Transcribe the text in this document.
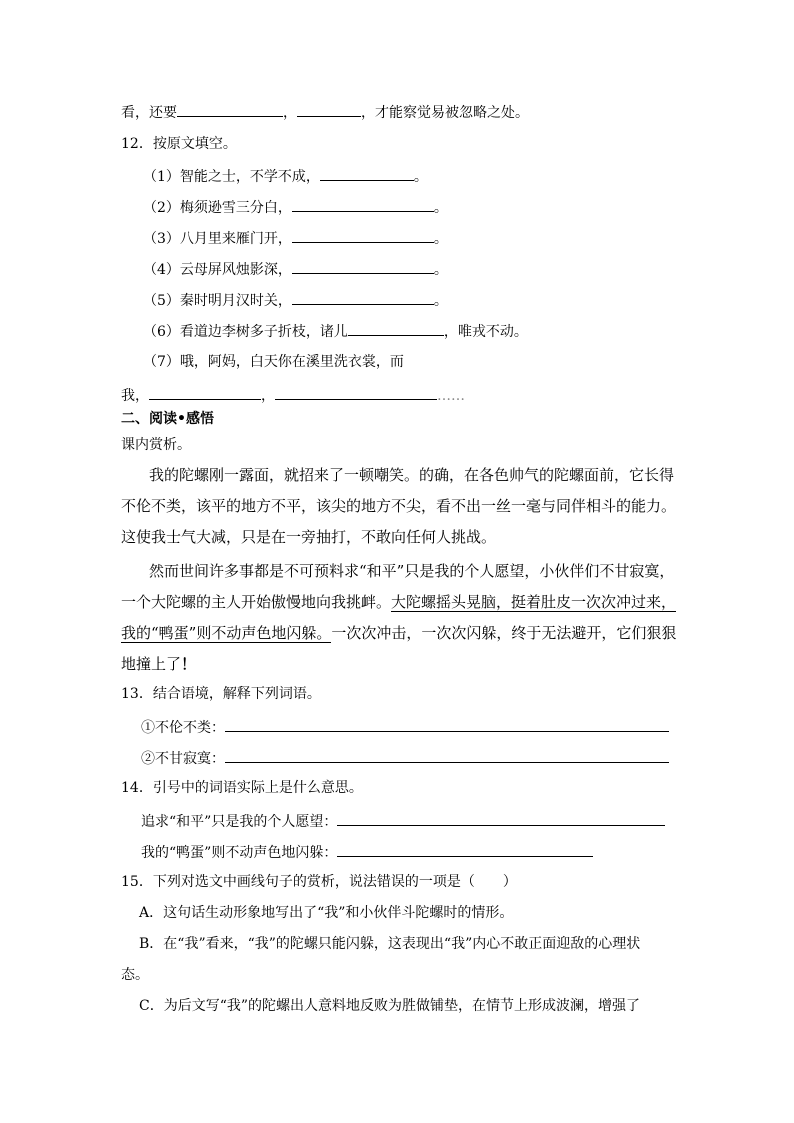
看，还要	，	，才能察觉易被忽略之处。
12．按原文填空。
（1）智能之士，不学不成，	。
（2）梅须逊雪三分白，	。
（3）八月里来雁门开，	。
（4）云母屏风烛影深，	。
（5）秦时明月汉时关，	。
（6）看道边李树多子折枝，诸儿	，唯戎不动。
（7）哦，阿妈，白天你在溪里洗衣裳，而
我，	，	……
二、阅读•感悟
课内赏析。
我的陀螺刚一露面，就招来了一顿嘲笑。的确，在各色帅气的陀螺面前，它长得
不伦不类，该平的地方不平，该尖的地方不尖，看不出一丝一毫与同伴相斗的能力。
这使我士气大减，只是在一旁抽打，不敢向任何人挑战。
然而世间许多事都是不可预料求“和平”只是我的个人愿望，小伙伴们不甘寂寞，
一个大陀螺的主人开始傲慢地向我挑衅。大陀螺摇头晃脑，挺着肚皮一次次冲过来，
我的“鸭蛋”则不动声色地闪躲。一次次冲击，一次次闪躲，终于无法避开，它们狠狠
地撞上了！
13．结合语境，解释下列词语。
①不伦不类：
②不甘寂寞：
14．引号中的词语实际上是什么意思。
追求“和平”只是我的个人愿望：
我的“鸭蛋”则不动声色地闪躲：
15．下列对选文中画线句子的赏析，说法错误的一项是（　　）
A．这句话生动形象地写出了“我”和小伙伴斗陀螺时的情形。
B．在“我”看来，“我”的陀螺只能闪躲，这表现出“我”内心不敢正面迎敌的心理状
态。
C．为后文写“我”的陀螺出人意料地反败为胜做铺垫，在情节上形成波澜，增强了
